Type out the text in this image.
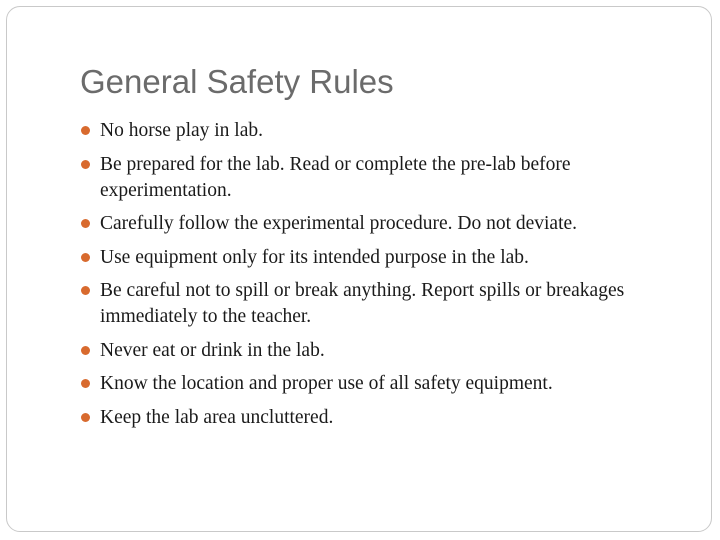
General Safety Rules
No horse play in lab.
Be prepared for the lab. Read or complete the pre-lab before experimentation.
Carefully follow the experimental procedure. Do not deviate.
Use equipment only for its intended purpose in the lab.
Be careful not to spill or break anything. Report spills or breakages immediately to the teacher.
Never eat or drink in the lab.
Know the location and proper use of all safety equipment.
Keep the lab area uncluttered.
